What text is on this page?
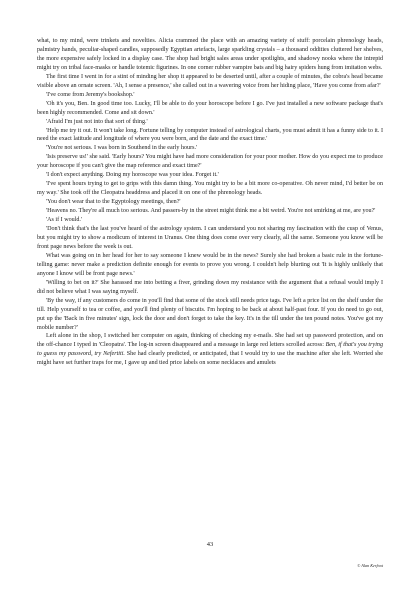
what, to my mind, were trinkets and novelties. Alicia crammed the place with an amazing variety of stuff: porcelain phrenology heads, palmistry hands, peculiar-shaped candles, supposedly Egyptian artefacts, large sparkling crystals – a thousand oddities cluttered her shelves, the more expensive safely locked in a display case. The shop had bright sales areas under spotlights, and shadowy nooks where the intrepid might try on tribal face-masks or handle totemic figurines. In one corner rubber vampire bats and big hairy spiders hung from imitation webs.

The first time I went in for a stint of minding her shop it appeared to be deserted until, after a couple of minutes, the cobra's head became visible above an ornate screen. 'Ah, I sense a presence,' she called out in a wavering voice from her hiding place, 'Have you come from afar?'

'I've come from Jeremy's bookshop.'

'Oh it's you, Ben. In good time too. Lucky, I'll be able to do your horoscope before I go. I've just installed a new software package that's been highly recommended. Come and sit down.'

'Afraid I'm just not into that sort of thing.'

'Help me try it out. It won't take long. Fortune telling by computer instead of astrological charts, you must admit it has a funny side to it. I need the exact latitude and longitude of where you were born, and the date and the exact time.'

'You're not serious. I was born in Southend in the early hours.'

'Isis preserve us!' she said. 'Early hours? You might have had more consideration for your poor mother. How do you expect me to produce your horoscope if you can't give the map reference and exact time?'

'I don't expect anything. Doing my horoscope was your idea. Forget it.'

'I've spent hours trying to get to grips with this damn thing. You might try to be a bit more co-operative. Oh never mind, I'd better be on my way.' She took off the Cleopatra headdress and placed it on one of the phrenology heads.

'You don't wear that to the Egyptology meetings, then?'

'Heavens no. They're all much too serious. And passers-by in the street might think me a bit weird. You're not smirking at me, are you?'

'As if I would.'

'Don't think that's the last you've heard of the astrology system. I can understand you not sharing my fascination with the cusp of Venus, but you might try to show a modicum of interest in Uranus. One thing does come over very clearly, all the same. Someone you know will be front page news before the week is out.

What was going on in her head for her to say someone I knew would be in the news? Surely she had broken a basic rule in the fortune-telling game: never make a prediction definite enough for events to prove you wrong. I couldn't help blurting out 'It is highly unlikely that anyone I know will be front page news.'

'Willing to bet on it?' She harassed me into betting a fiver, grinding down my resistance with the argument that a refusal would imply I did not believe what I was saying myself.

'By the way, if any customers do come in you'll find that some of the stock still needs price tags. I've left a price list on the shelf under the till. Help yourself to tea or coffee, and you'll find plenty of biscuits. I'm hoping to be back at about half-past four. If you do need to go out, put up the 'Back in five minutes' sign, lock the door and don't forget to take the key. It's in the till under the ten pound notes. You've got my mobile number?'

Left alone in the shop, I switched her computer on again, thinking of checking my e-mails. She had set up password protection, and on the off-chance I typed in 'Cleopatra'. The log-in screen disappeared and a message in large red letters scrolled across: Ben, if that's you trying to guess my password, try Nefertiti. She had clearly predicted, or anticipated, that I would try to use the machine after she left. Worried she might have set further traps for me, I gave up and tied price labels on some necklaces and amulets

43
© Alan Kerfoot
